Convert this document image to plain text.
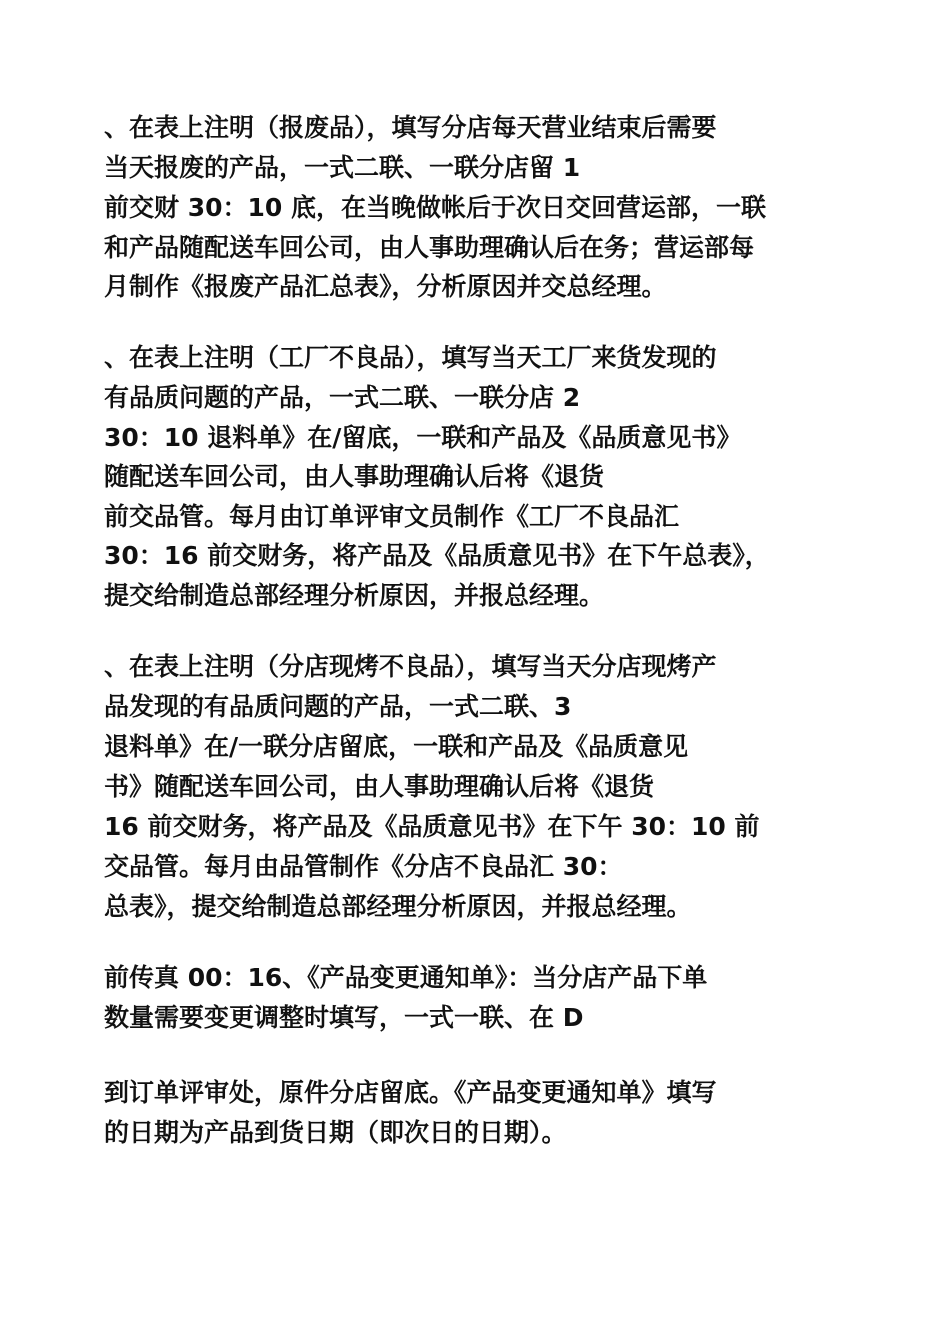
、在表上注明（报废品），填写分店每天营业结束后需要
当天报废的产品，一式二联、一联分店留 1
前交财 30：10 底，在当晚做帐后于次日交回营运部，一联
和产品随配送车回公司，由人事助理确认后在务；营运部每
月制作《报废产品汇总表》，分析原因并交总经理。
、在表上注明（工厂不良品），填写当天工厂来货发现的
有品质问题的产品，一式二联、一联分店 2
30：10 退料单》在/留底，一联和产品及《品质意见书》
随配送车回公司，由人事助理确认后将《退货
前交品管。每月由订单评审文员制作《工厂不良品汇
30：16 前交财务，将产品及《品质意见书》在下午总表》，
提交给制造总部经理分析原因，并报总经理。
、在表上注明（分店现烤不良品），填写当天分店现烤产
品发现的有品质问题的产品，一式二联、3
退料单》在/一联分店留底，一联和产品及《品质意见
书》随配送车回公司，由人事助理确认后将《退货
16 前交财务，将产品及《品质意见书》在下午 30：10 前
交品管。每月由品管制作《分店不良品汇 30：
总表》，提交给制造总部经理分析原因，并报总经理。
前传真 00：16、《产品变更通知单》：当分店产品下单
数量需要变更调整时填写，一式一联、在 D
到订单评审处，原件分店留底。《产品变更通知单》填写
的日期为产品到货日期（即次日的日期）。
